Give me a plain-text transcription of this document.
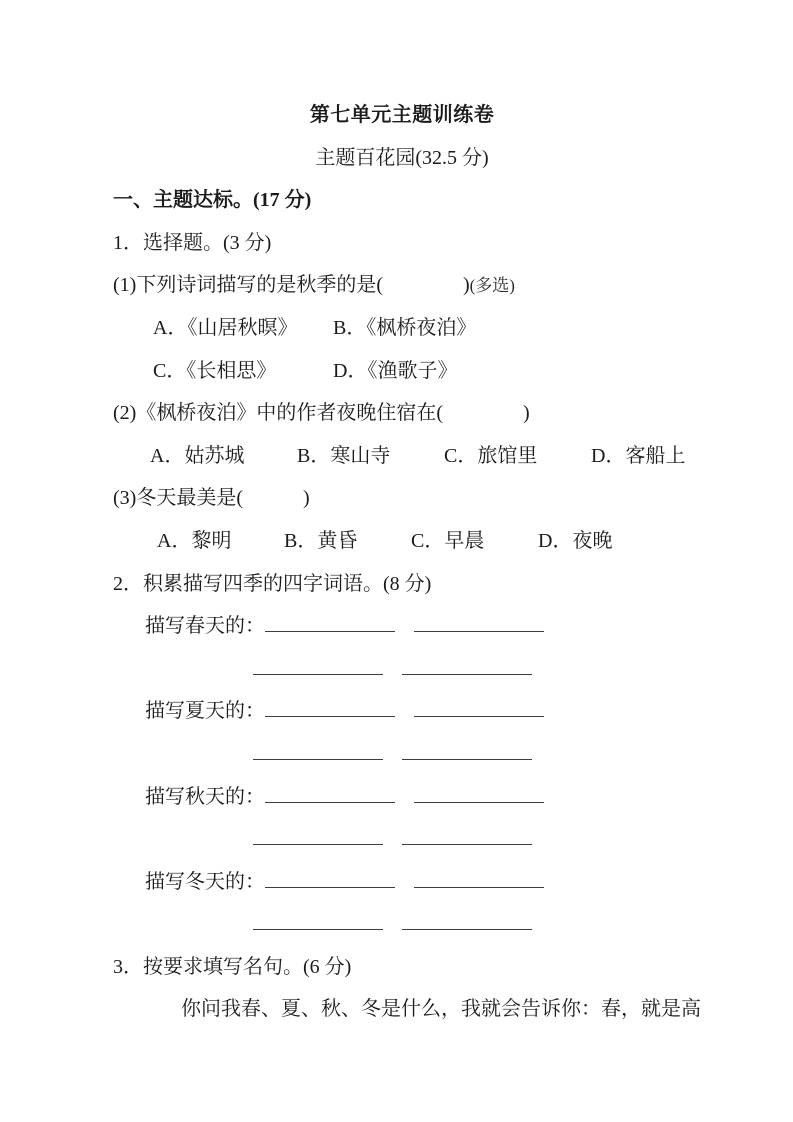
第七单元主题训练卷
主题百花园(32.5 分)
一、主题达标。(17 分)
1．选择题。(3 分)
(1)下列诗词描写的是秋季的是(　　　　)(多选)
A．《山居秋暝》 B．《枫桥夜泊》
C．《长相思》	D．《渔歌子》
(2)《枫桥夜泊》中的作者夜晚住宿在(　　　　)
A．姑苏城	B．寒山寺	C．旅馆里	D．客船上
(3)冬天最美是(　　　)
A．黎明	B．黄昏	C．早晨	D．夜晚
2．积累描写四季的四字词语。(8 分)
描写春天的：
描写夏天的：
描写秋天的：
描写冬天的：
3．按要求填写名句。(6 分)
你问我春、夏、秋、冬是什么，我就会告诉你：春，就是高
